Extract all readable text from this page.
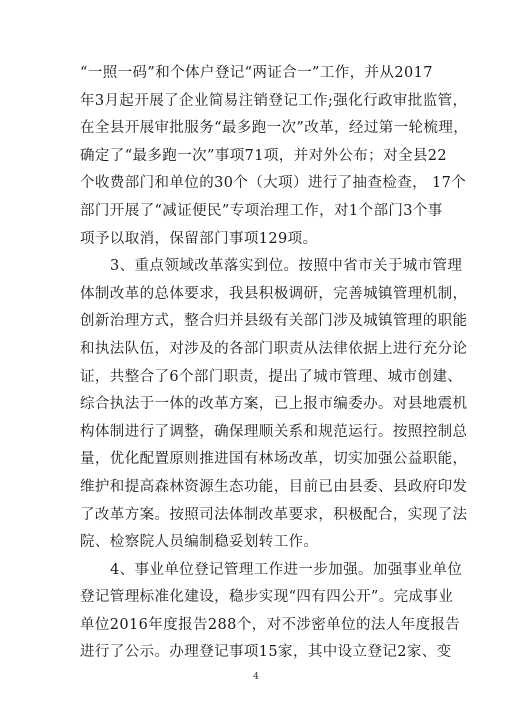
“一照一码”和个体户登记“两证合一”工作，并从2017
年3月起开展了企业简易注销登记工作;强化行政审批监管，
在全县开展审批服务“最多跑一次”改革，经过第一轮梳理，
确定了“最多跑一次”事项71项，并对外公布；对全县22
个收费部门和单位的30个（大项）进行了抽查检查， 17个
部门开展了“减证便民”专项治理工作，对1个部门3个事
项予以取消，保留部门事项129项。
3、重点领域改革落实到位。按照中省市关于城市管理
体制改革的总体要求，我县积极调研，完善城镇管理机制，
创新治理方式，整合归并县级有关部门涉及城镇管理的职能
和执法队伍，对涉及的各部门职责从法律依据上进行充分论
证，共整合了6个部门职责，提出了城市管理、城市创建、
综合执法于一体的改革方案，已上报市编委办。对县地震机
构体制进行了调整，确保理顺关系和规范运行。按照控制总
量，优化配置原则推进国有林场改革，切实加强公益职能，
维护和提高森林资源生态功能，目前已由县委、县政府印发
了改革方案。按照司法体制改革要求，积极配合，实现了法
院、检察院人员编制稳妥划转工作。
4、事业单位登记管理工作进一步加强。加强事业单位
登记管理标准化建设，稳步实现“四有四公开”。完成事业
单位2016年度报告288个，对不涉密单位的法人年度报告
进行了公示。办理登记事项15家，其中设立登记2家、变
4
